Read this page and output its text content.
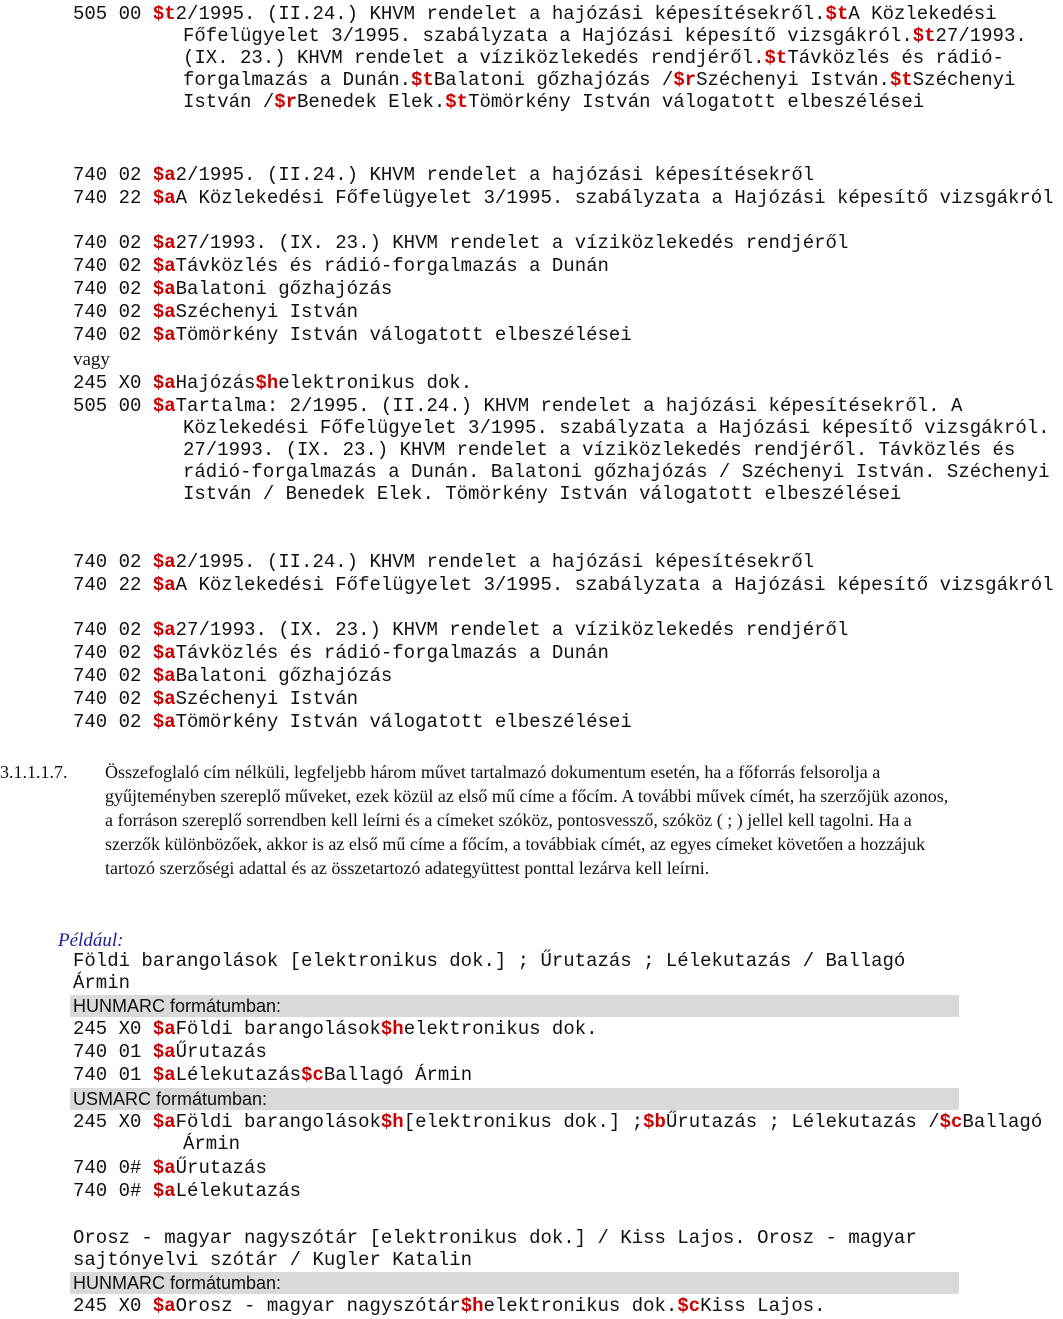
505 00 $t2/1995. (II.24.) KHVM rendelet a hajózási képesítésekről.$tA Közlekedési Főfelügyelet 3/1995. szabályzata a Hajózási képesítő vizsgákról.$t27/1993. (IX. 23.) KHVM rendelet a víziközlekedés rendjéről.$tTávközlés és rádió-forgalmazás a Dunán.$tBalatoni gőzhajózás /$rSzéchenyi István.$tSzéchenyi István /$rBenedek Elek.$tTömörkény István válogatott elbeszélései

740 02 $a2/1995. (II.24.) KHVM rendelet a hajózási képesítésekről

740 22 $aA Közlekedési Főfelügyelet 3/1995. szabályzata a Hajózási képesítő vizsgákról

740 02 $a27/1993. (IX. 23.) KHVM rendelet a víziközlekedés rendjéről

740 02 $aTávközlés és rádió-forgalmazás a Dunán

740 02 $aBalatoni gőzhajózás

740 02 $aSzéchenyi István

740 02 $aTömörkény István válogatott elbeszélései

vagy

245 X0 $aHajózás$helektronikus dok.

505 00 $aTartalma: 2/1995. (II.24.) KHVM rendelet a hajózási képesítésekről. A Közlekedési Főfelügyelet 3/1995. szabályzata a Hajózási képesítő vizsgákról. 27/1993. (IX. 23.) KHVM rendelet a víziközlekedés rendjéről. Távközlés és rádió-forgalmazás a Dunán. Balatoni gőzhajózás / Széchenyi István. Széchenyi István / Benedek Elek. Tömörkény István válogatott elbeszélései

740 02 $a2/1995. (II.24.) KHVM rendelet a hajózási képesítésekről

740 22 $aA Közlekedési Főfelügyelet 3/1995. szabályzata a Hajózási képesítő vizsgákról

740 02 $a27/1993. (IX. 23.) KHVM rendelet a víziközlekedés rendjéről

740 02 $aTávközlés és rádió-forgalmazás a Dunán

740 02 $aBalatoni gőzhajózás

740 02 $aSzéchenyi István

740 02 $aTömörkény István válogatott elbeszélései

3.1.1.1.7. Összefoglaló cím nélküli, legfeljebb három művet tartalmazó dokumentum esetén, ha a főforrás felsorolja a gyűjteményben szereplő műveket, ezek közül az első mű címe a főcím. A további művek címét, ha szerzőjük azonos, a forráson szereplő sorrendben kell leírni és a címeket szóköz, pontosvessző, szóköz ( ; ) jellel kell tagolni. Ha a szerzők különbözőek, akkor is az első mű címe a főcím, a továbbiak címét, az egyes címeket követően a hozzájuk tartozó szerzőségi adattal és az összetartozó adategyüttest ponttal lezárva kell leírni.
Például:
Földi barangolások [elektronikus dok.] ; Űrutazás ; Lélekutazás / Ballagó Ármin
HUNMARC formátumban:

245 X0 $aFöldi barangolások$helektronikus dok.

740 01 $aŰrutazás

740 01 $aLélekutazás$cBallagó Ármin

USMARC formátumban:

245 X0 $aFöldi barangolások$h[elektronikus dok.] ;$bŰrutazás ; Lélekutazás /$cBallagó Ármin

740 0# $aŰrutazás

740 0# $aLélekutazás

Orosz - magyar nagyszótár [elektronikus dok.] / Kiss Lajos. Orosz - magyar sajtónyelvi szótár / Kugler Katalin
HUNMARC formátumban:

245 X0 $aOrosz - magyar nagyszótár$helektronikus dok.$cKiss Lajos.
